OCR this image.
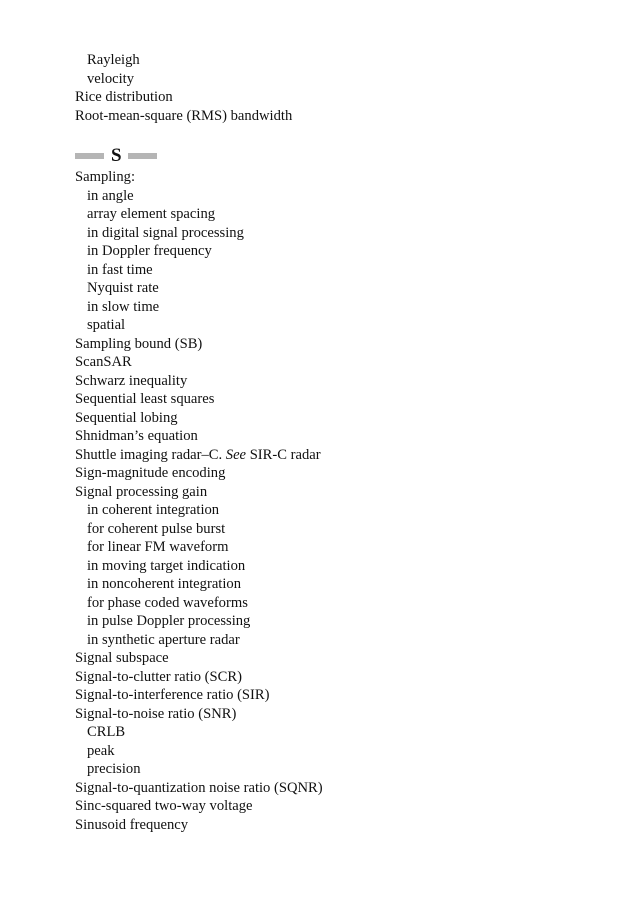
Rayleigh
velocity
Rice distribution
Root-mean-square (RMS) bandwidth
S
Sampling:
in angle
array element spacing
in digital signal processing
in Doppler frequency
in fast time
Nyquist rate
in slow time
spatial
Sampling bound (SB)
ScanSAR
Schwarz inequality
Sequential least squares
Sequential lobing
Shnidman’s equation
Shuttle imaging radar–C. See SIR-C radar
Sign-magnitude encoding
Signal processing gain
in coherent integration
for coherent pulse burst
for linear FM waveform
in moving target indication
in noncoherent integration
for phase coded waveforms
in pulse Doppler processing
in synthetic aperture radar
Signal subspace
Signal-to-clutter ratio (SCR)
Signal-to-interference ratio (SIR)
Signal-to-noise ratio (SNR)
CRLB
peak
precision
Signal-to-quantization noise ratio (SQNR)
Sinc-squared two-way voltage
Sinusoid frequency
